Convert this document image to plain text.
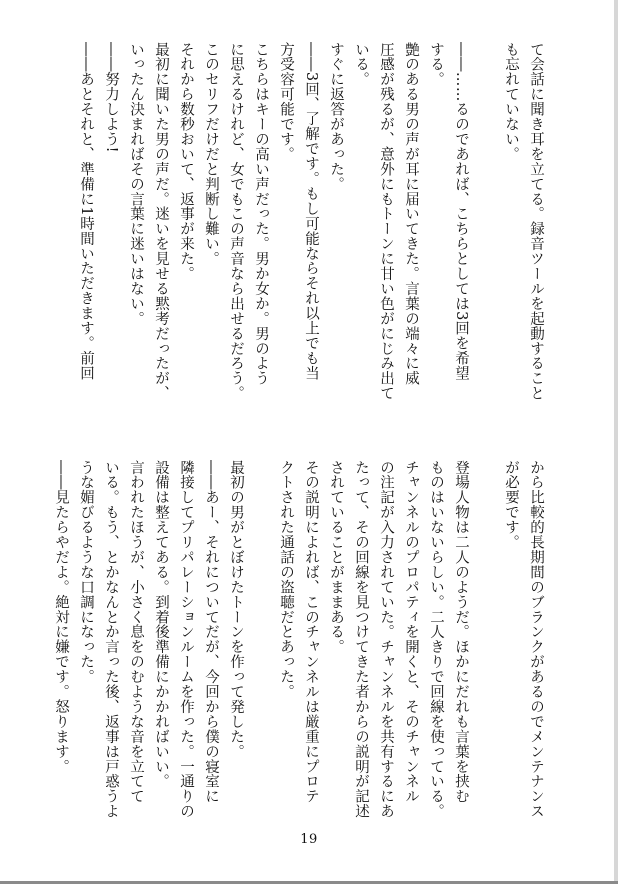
て会話に聞き耳を立てる。録音ツールを起動すること
も忘れていない。

――……るのであれば、こちらとしては3回を希望
する。
艶のある男の声が耳に届いてきた。言葉の端々に威
圧感が残るが、意外にもトーンに甘い色がにじみ出て
いる。
すぐに返答があった。
――3回、了解です。もし可能ならそれ以上でも当
方受容可能です。
こちらはキーの高い声だった。男か女か。男のよう
に思えるけれど、女でもこの声音なら出せるだろう。
このセリフだけだと判断し難い。
それから数秒おいて、返事が来た。
最初に聞いた男の声だ。迷いを見せる黙考だったが、
いったん決まればその言葉に迷いはない。
――努力しよう!
――あとそれと、準備に1時間いただきます。前回
から比較的長期間のブランクがあるのでメンテナンス
が必要です。

登場人物は二人のようだ。ほかにだれも言葉を挟む
ものはいないらしい。二人きりで回線を使っている。
チャンネルのプロパティを開くと、そのチャンネル
の注記が入力されていた。チャンネルを共有するにあ
たって、その回線を見つけてきた者からの説明が記述
されていることがままある。
その説明によれば、このチャンネルは厳重にプロテ
クトされた通話の盗聴だとあった。

最初の男がとぼけたトーンを作って発した。
――あー、それについてだが、今回から僕の寝室に
隣接してプリパレーションルームを作った。一通りの
設備は整えてある。到着後準備にかかればいい。
言われたほうが、小さく息をのむような音を立てて
いる。もう、とかなんとか言った後、返事は戸惑うよ
うな媚びるような口調になった。
――見たらやだよ。絶対に嫌です。怒ります。
19
